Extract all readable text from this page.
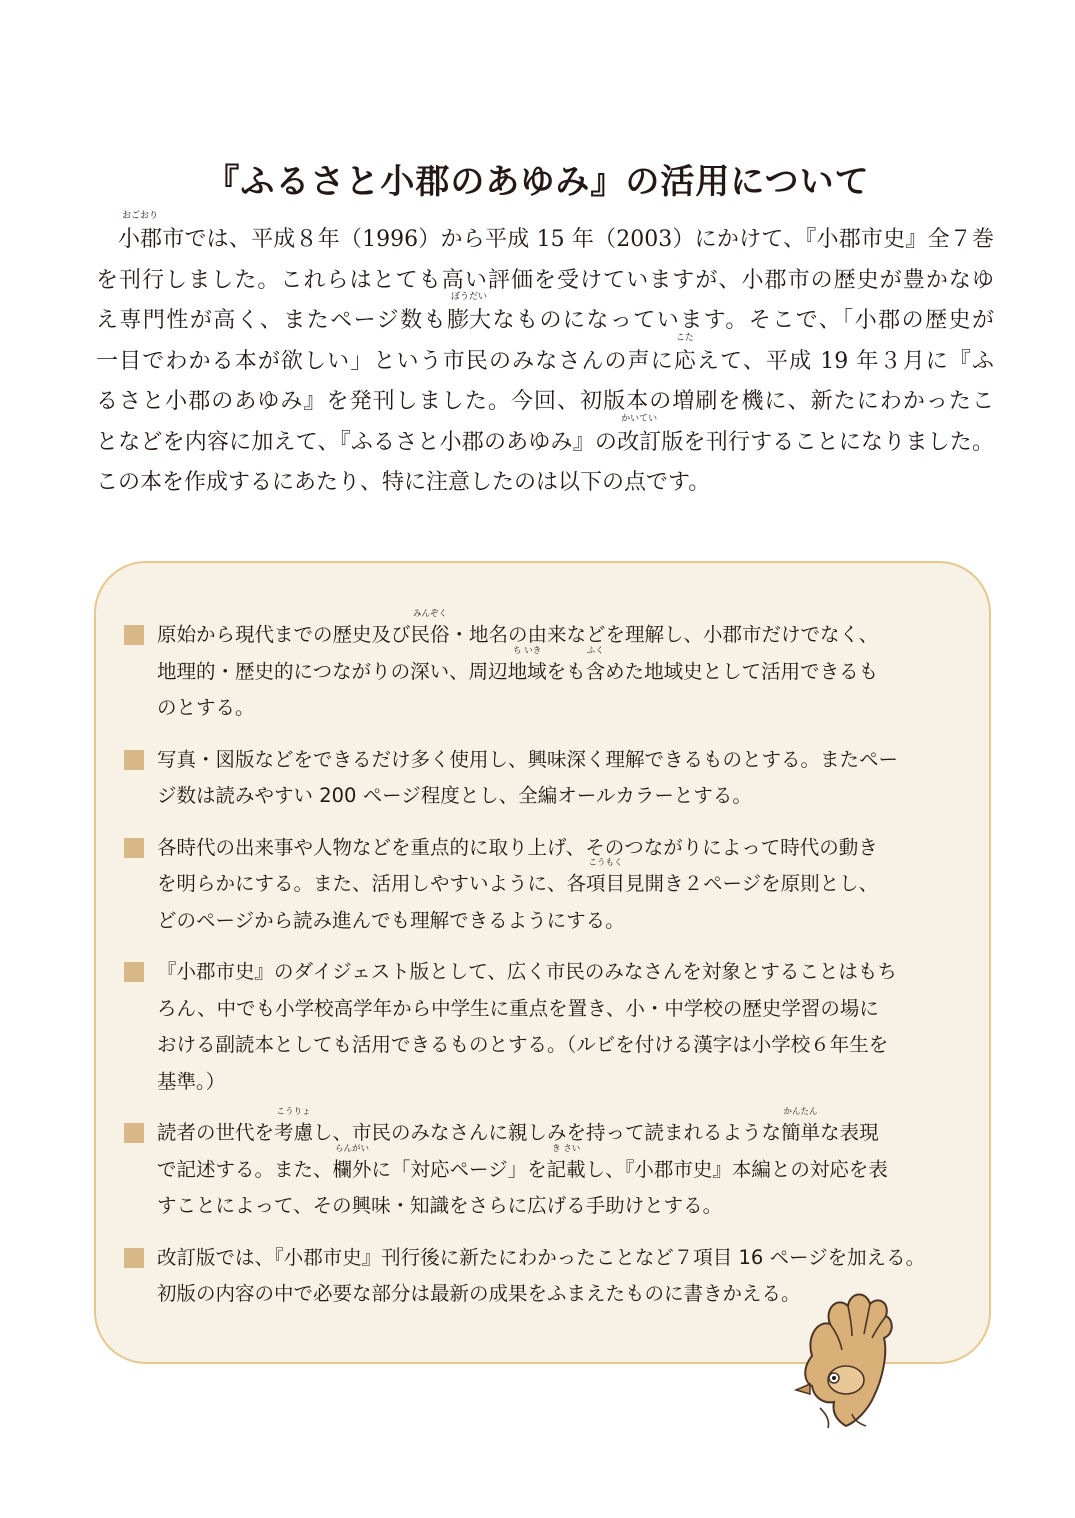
『ふるさと小郡のあゆみ』の活用について
小郡
おごおり
市では、平成８年（1996）から平成 15 年（2003）にかけて、『小郡市史』全７巻
を刊行しました。これらはとても高い評価を受けていますが、小郡市の歴史が豊かなゆ
え専門性が高く、またページ数も膨大
ぼうだい
なものになっています。そこで、「小郡の歴史が
一目でわかる本が欲しい」という市民のみなさんの声に応
こた
えて、平成 19 年３月に『ふ
るさと小郡のあゆみ』を発刊しました。今回、初版本の増刷を機に、新たにわかったこ
となどを内容に加えて、『ふるさと小郡のあゆみ』の改訂
かいてい
版を刊行することになりました。
この本を作成するにあたり、特に注意したのは以下の点です。
原始から現代までの歴史及び民俗
みんぞく
・地名の由来などを理解し、小郡市だけでなく、
地理的・歴史的につながりの深い、周辺地域
ち いき
をも含
ふく
めた地域史として活用できるも
のとする。
写真・図版などをできるだけ多く使用し、興味深く理解できるものとする。またペー
ジ数は読みやすい 200 ページ程度とし、全編オールカラーとする。
各時代の出来事や人物などを重点的に取り上げ、そのつながりによって時代の動き
を明らかにする。また、活用しやすいように、各項目
こうもく
見開き２ページを原則とし、
どのページから読み進んでも理解できるようにする。
『小郡市史』のダイジェスト版として、広く市民のみなさんを対象とすることはもち
ろん、中でも小学校高学年から中学生に重点を置き、小・中学校の歴史学習の場に
おける副読本としても活用できるものとする。（ルビを付ける漢字は小学校６年生を
基準。）
読者の世代を考慮
こうりょ
し、市民のみなさんに親しみを持って読まれるような簡単
かんたん
な表現
で記述する。また、欄外
らんがい
に「対応ページ」を記載
き さい
し、『小郡市史』本編との対応を表
すことによって、その興味・知識をさらに広げる手助けとする。
改訂版では、『小郡市史』刊行後に新たにわかったことなど７項目 16 ページを加える。
初版の内容の中で必要な部分は最新の成果をふまえたものに書きかえる。
